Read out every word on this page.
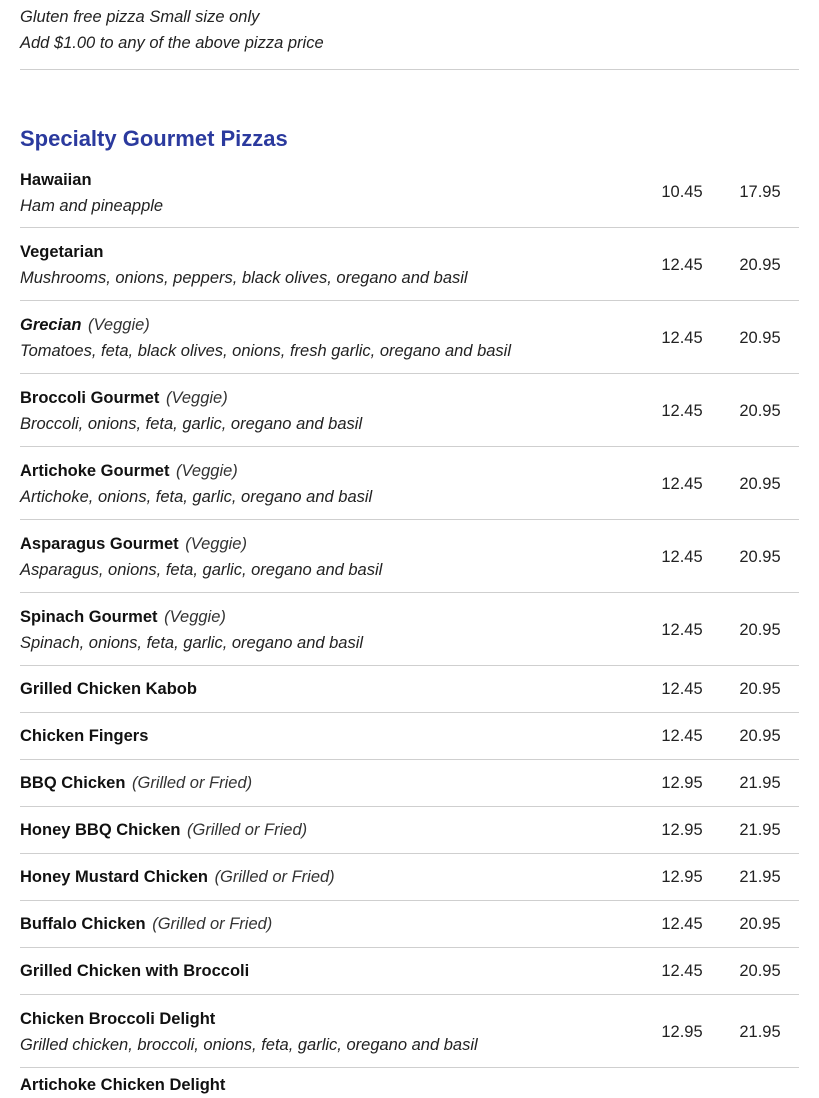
Gluten free pizza Small size only
Add $1.00 to any of the above pizza price
Specialty Gourmet Pizzas
Hawaiian
Ham and pineapple
10.45	17.95
Vegetarian
Mushrooms, onions, peppers, black olives, oregano and basil
12.45	20.95
Grecian (Veggie)
Tomatoes, feta, black olives, onions, fresh garlic, oregano and basil
12.45	20.95
Broccoli Gourmet (Veggie)
Broccoli, onions, feta, garlic, oregano and basil
12.45	20.95
Artichoke Gourmet (Veggie)
Artichoke, onions, feta, garlic, oregano and basil
12.45	20.95
Asparagus Gourmet (Veggie)
Asparagus, onions, feta, garlic, oregano and basil
12.45	20.95
Spinach Gourmet (Veggie)
Spinach, onions, feta, garlic, oregano and basil
12.45	20.95
Grilled Chicken Kabob	12.45	20.95
Chicken Fingers	12.45	20.95
BBQ Chicken (Grilled or Fried)	12.95	21.95
Honey BBQ Chicken (Grilled or Fried)	12.95	21.95
Honey Mustard Chicken (Grilled or Fried)	12.95	21.95
Buffalo Chicken (Grilled or Fried)	12.45	20.95
Grilled Chicken with Broccoli	12.45	20.95
Chicken Broccoli Delight
Grilled chicken, broccoli, onions, feta, garlic, oregano and basil
12.95	21.95
Artichoke Chicken Delight
